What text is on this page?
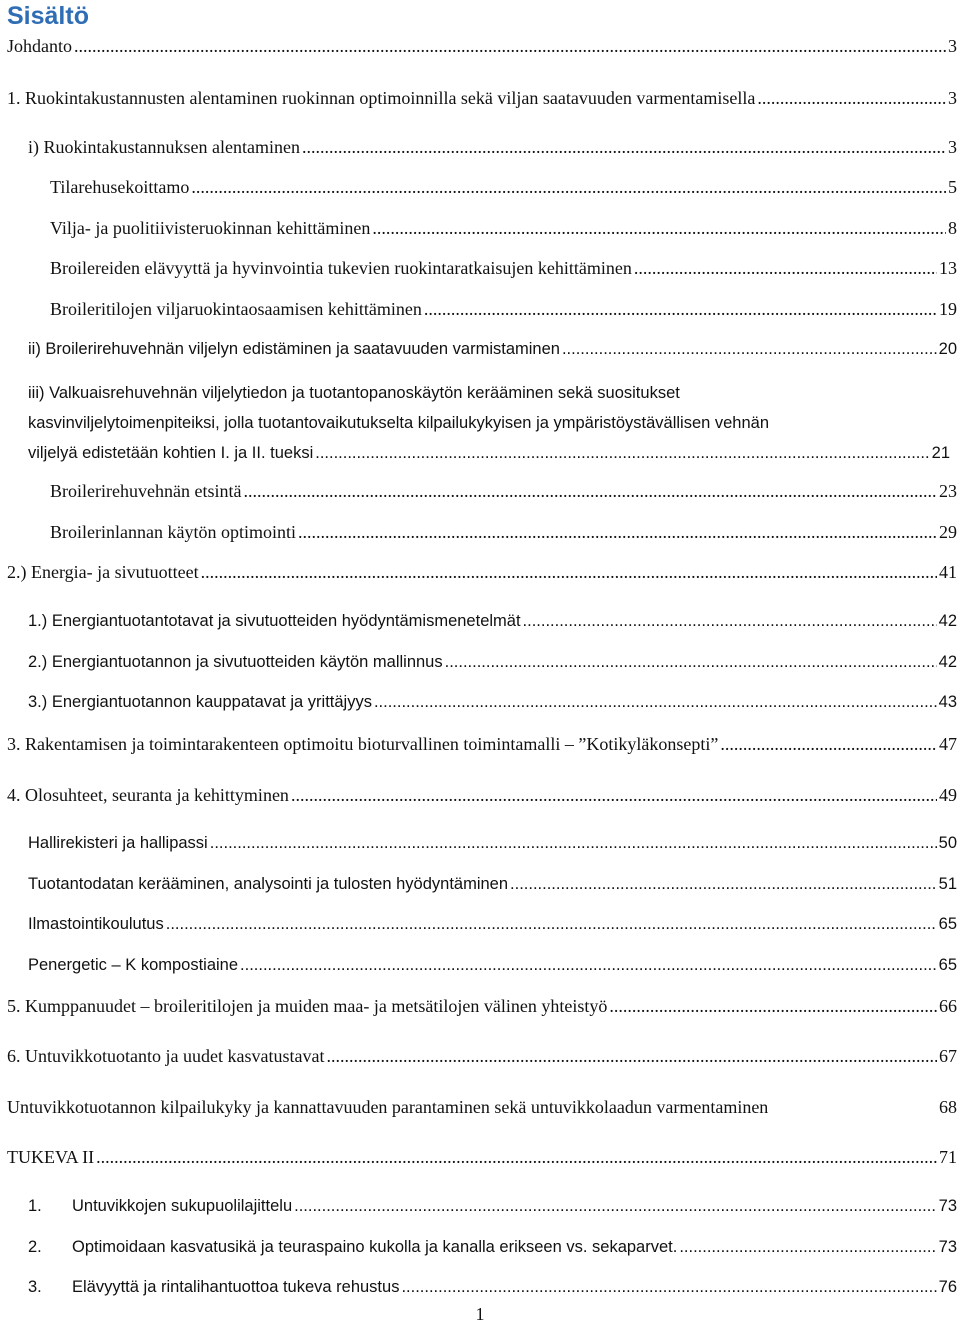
Sisältö
Johdanto .....	3
1. Ruokintakustannusten alentaminen ruokinnan optimoinnilla sekä viljan saatavuuden varmentamisella .....	3
i) Ruokintakustannuksen alentaminen .....	3
Tilarehusekoittamo .....	5
Vilja- ja puolitiivisteruokinnan kehittäminen .....	8
Broilereiden elävyyttä ja hyvinvointia tukevien ruokintaratkaisujen kehittäminen .....	13
Broileritilojen viljaruokintaosaamisen kehittäminen .....	19
ii) Broilerirehuvehnän viljelyn edistäminen ja saatavuuden varmistaminen .....	20
iii) Valkuaisrehuvehnän viljelytiedon ja tuotantopanoskäytön kerääminen sekä suositukset
kasvinviljelytoimenpiteiksi, jolla tuotantovaikutukselta kilpailukykyisen ja ympäristöystävällisen vehnän
viljelyä edistetään kohtien I. ja II. tueksi .....	21
Broilerirehuvehnän etsintä .....	23
Broilerinlannan käytön optimointi .....	29
2.) Energia- ja sivutuotteet .....	41
1.) Energiantuotantotavat ja sivutuotteiden hyödyntämismenetelmät .....	42
2.) Energiantuotannon ja sivutuotteiden käytön mallinnus .....	42
3.) Energiantuotannon kauppatavat ja yrittäjyys .....	43
3. Rakentamisen ja toimintarakenteen optimoitu bioturvallinen toimintamalli – ”Kotikyläkonsepti” .....	47
4. Olosuhteet, seuranta ja kehittyminen .....	49
Hallirekisteri ja hallipassi .....	50
Tuotantodatan kerääminen, analysointi ja tulosten hyödyntäminen .....	51
Ilmastointikoulutus .....	65
Penergetic – K kompostiaine .....	65
5. Kumppanuudet – broileritilojen ja muiden maa- ja metsätilojen välinen yhteistyö .....	66
6. Untuvikkotuotanto ja uudet kasvatustavat .....	67
Untuvikkotuotannon kilpailukyky ja kannattavuuden parantaminen sekä untuvikkolaadun varmentaminen	68
TUKEVA II .....	71
1.	Untuvikkojen sukupuolilajittelu .....	73
2.	Optimoidaan kasvatusikä ja teuraspaino kukolla ja kanalla erikseen vs. sekaparvet. .....	73
3.	Elävyyttä ja rintalihantuottoa tukeva rehustus .....	76
1
